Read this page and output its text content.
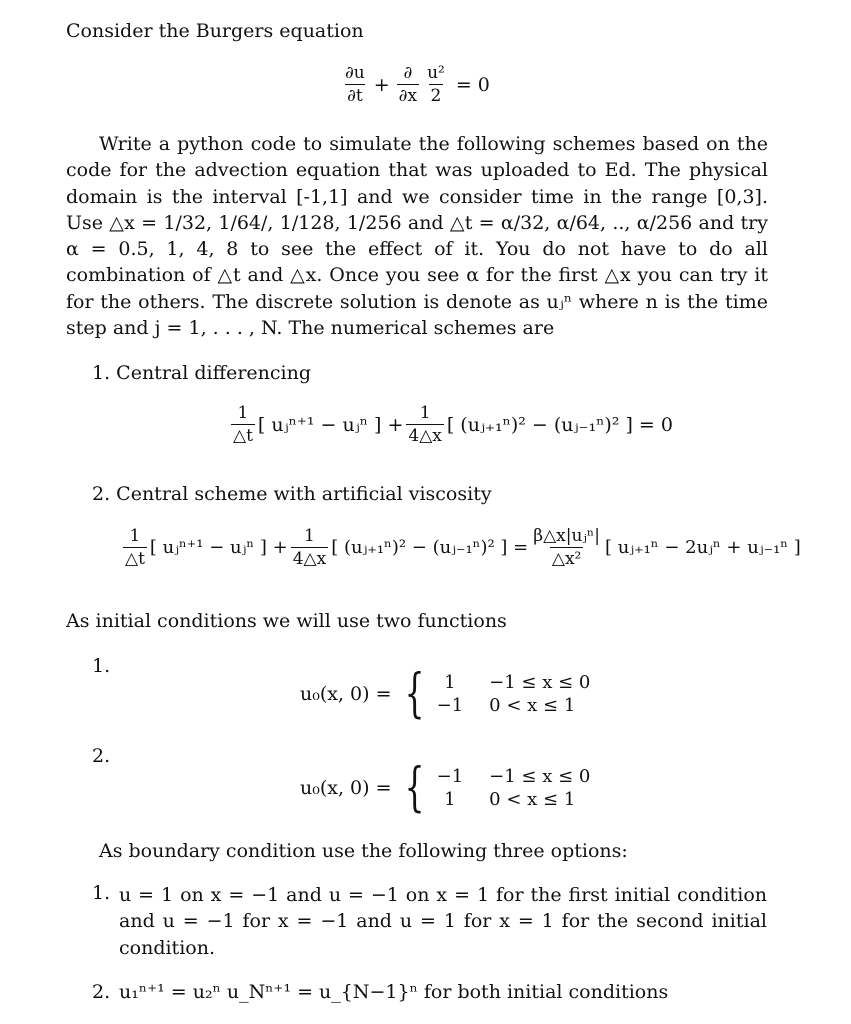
Consider the Burgers equation
$\frac{\partial u}{\partial t} + \frac{\partial}{\partial x} \frac{\text{u²}}{2} = 0$
Write a python code to simulate the following schemes based on the code for the advection equation that was uploaded to Ed. The physical domain is the interval [-1,1] and we consider time in the range [0,3]. Use △x = 1/32, 1/64/, 1/128, 1/256 and △t = α/32, α/64, .., α/256 and try α = 0.5, 1, 4, 8 to see the effect of it. You do not have to do all combination of △t and △x. Once you see α for the first △x you can try it for the others. The discrete solution is denote as uⱼⁿ where n is the time step and j = 1, . . . , N. The numerical schemes are
1. Central differencing
$\frac{1}{\triangle t}$ [ uⱼⁿ⁺¹ − uⱼⁿ ] + $\frac{1}{4\triangle x}$ [ (uⱼ₊₁ⁿ)² − (uⱼ₋₁ⁿ)² ] = 0
2. Central scheme with artificial viscosity
$\frac{1}{\triangle t}$ [ uⱼⁿ⁺¹ − uⱼⁿ ] + $\frac{1}{4\triangle x}$ [ (uⱼ₊₁ⁿ)² − (uⱼ₋₁ⁿ)² ] = $\frac{\text{β△x|uⱼⁿ|}}{\text{△x²}}$ [ uⱼ₊₁ⁿ − 2uⱼⁿ + uⱼ₋₁ⁿ ]
As initial conditions we will use two functions
1.
u₀(x, 0) = {	1	−1 ≤ x ≤ 0
−1 0 < x ≤ 1
2.
u₀(x, 0) = { −1 −1 ≤ x ≤ 0
1	0 < x ≤ 1
As boundary condition use the following three options:
1. u = 1 on x = −1 and u = −1 on x = 1 for the first initial condition and u = −1 for x = −1 and u = 1 for x = 1 for the second initial condition.
2. u₁ⁿ⁺¹ = u₂ⁿ u_Nⁿ⁺¹ = u_{N−1}ⁿ for both initial conditions
